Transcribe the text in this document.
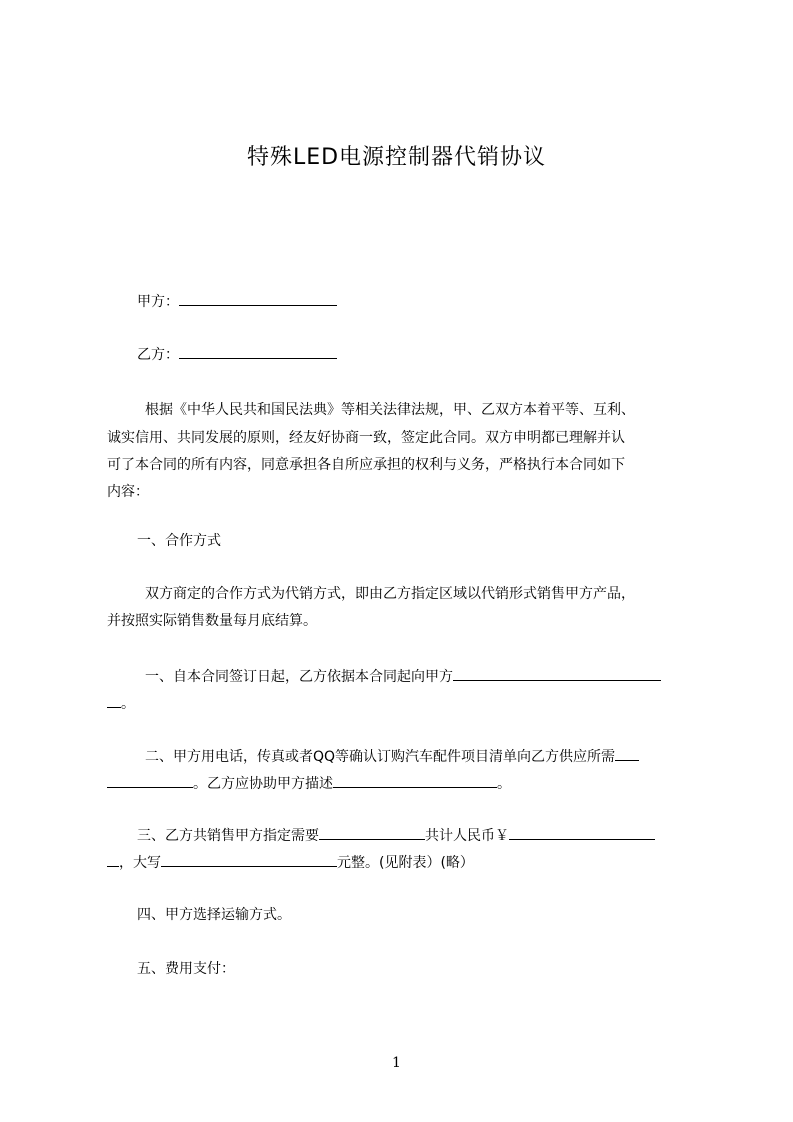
特殊LED电源控制器代销协议
甲方：
乙方：
根据《中华人民共和国民法典》等相关法律法规，甲、乙双方本着平等、互利、
诚实信用、共同发展的原则，经友好协商一致，签定此合同。双方申明都已理解并认
可了本合同的所有内容，同意承担各自所应承担的权利与义务，严格执行本合同如下
内容：
一、合作方式
双方商定的合作方式为代销方式，即由乙方指定区域以代销形式销售甲方产品，
并按照实际销售数量每月底结算。
一、自本合同签订日起，乙方依据本合同起向甲方
。
二、甲方用电话，传真或者QQ等确认订购汽车配件项目清单向乙方供应所需
。乙方应协助甲方描述	。
三、乙方共销售甲方指定需要	共计人民币￥
，大写	元整。(见附表）(略）
四、甲方选择运输方式。
五、费用支付：
1
